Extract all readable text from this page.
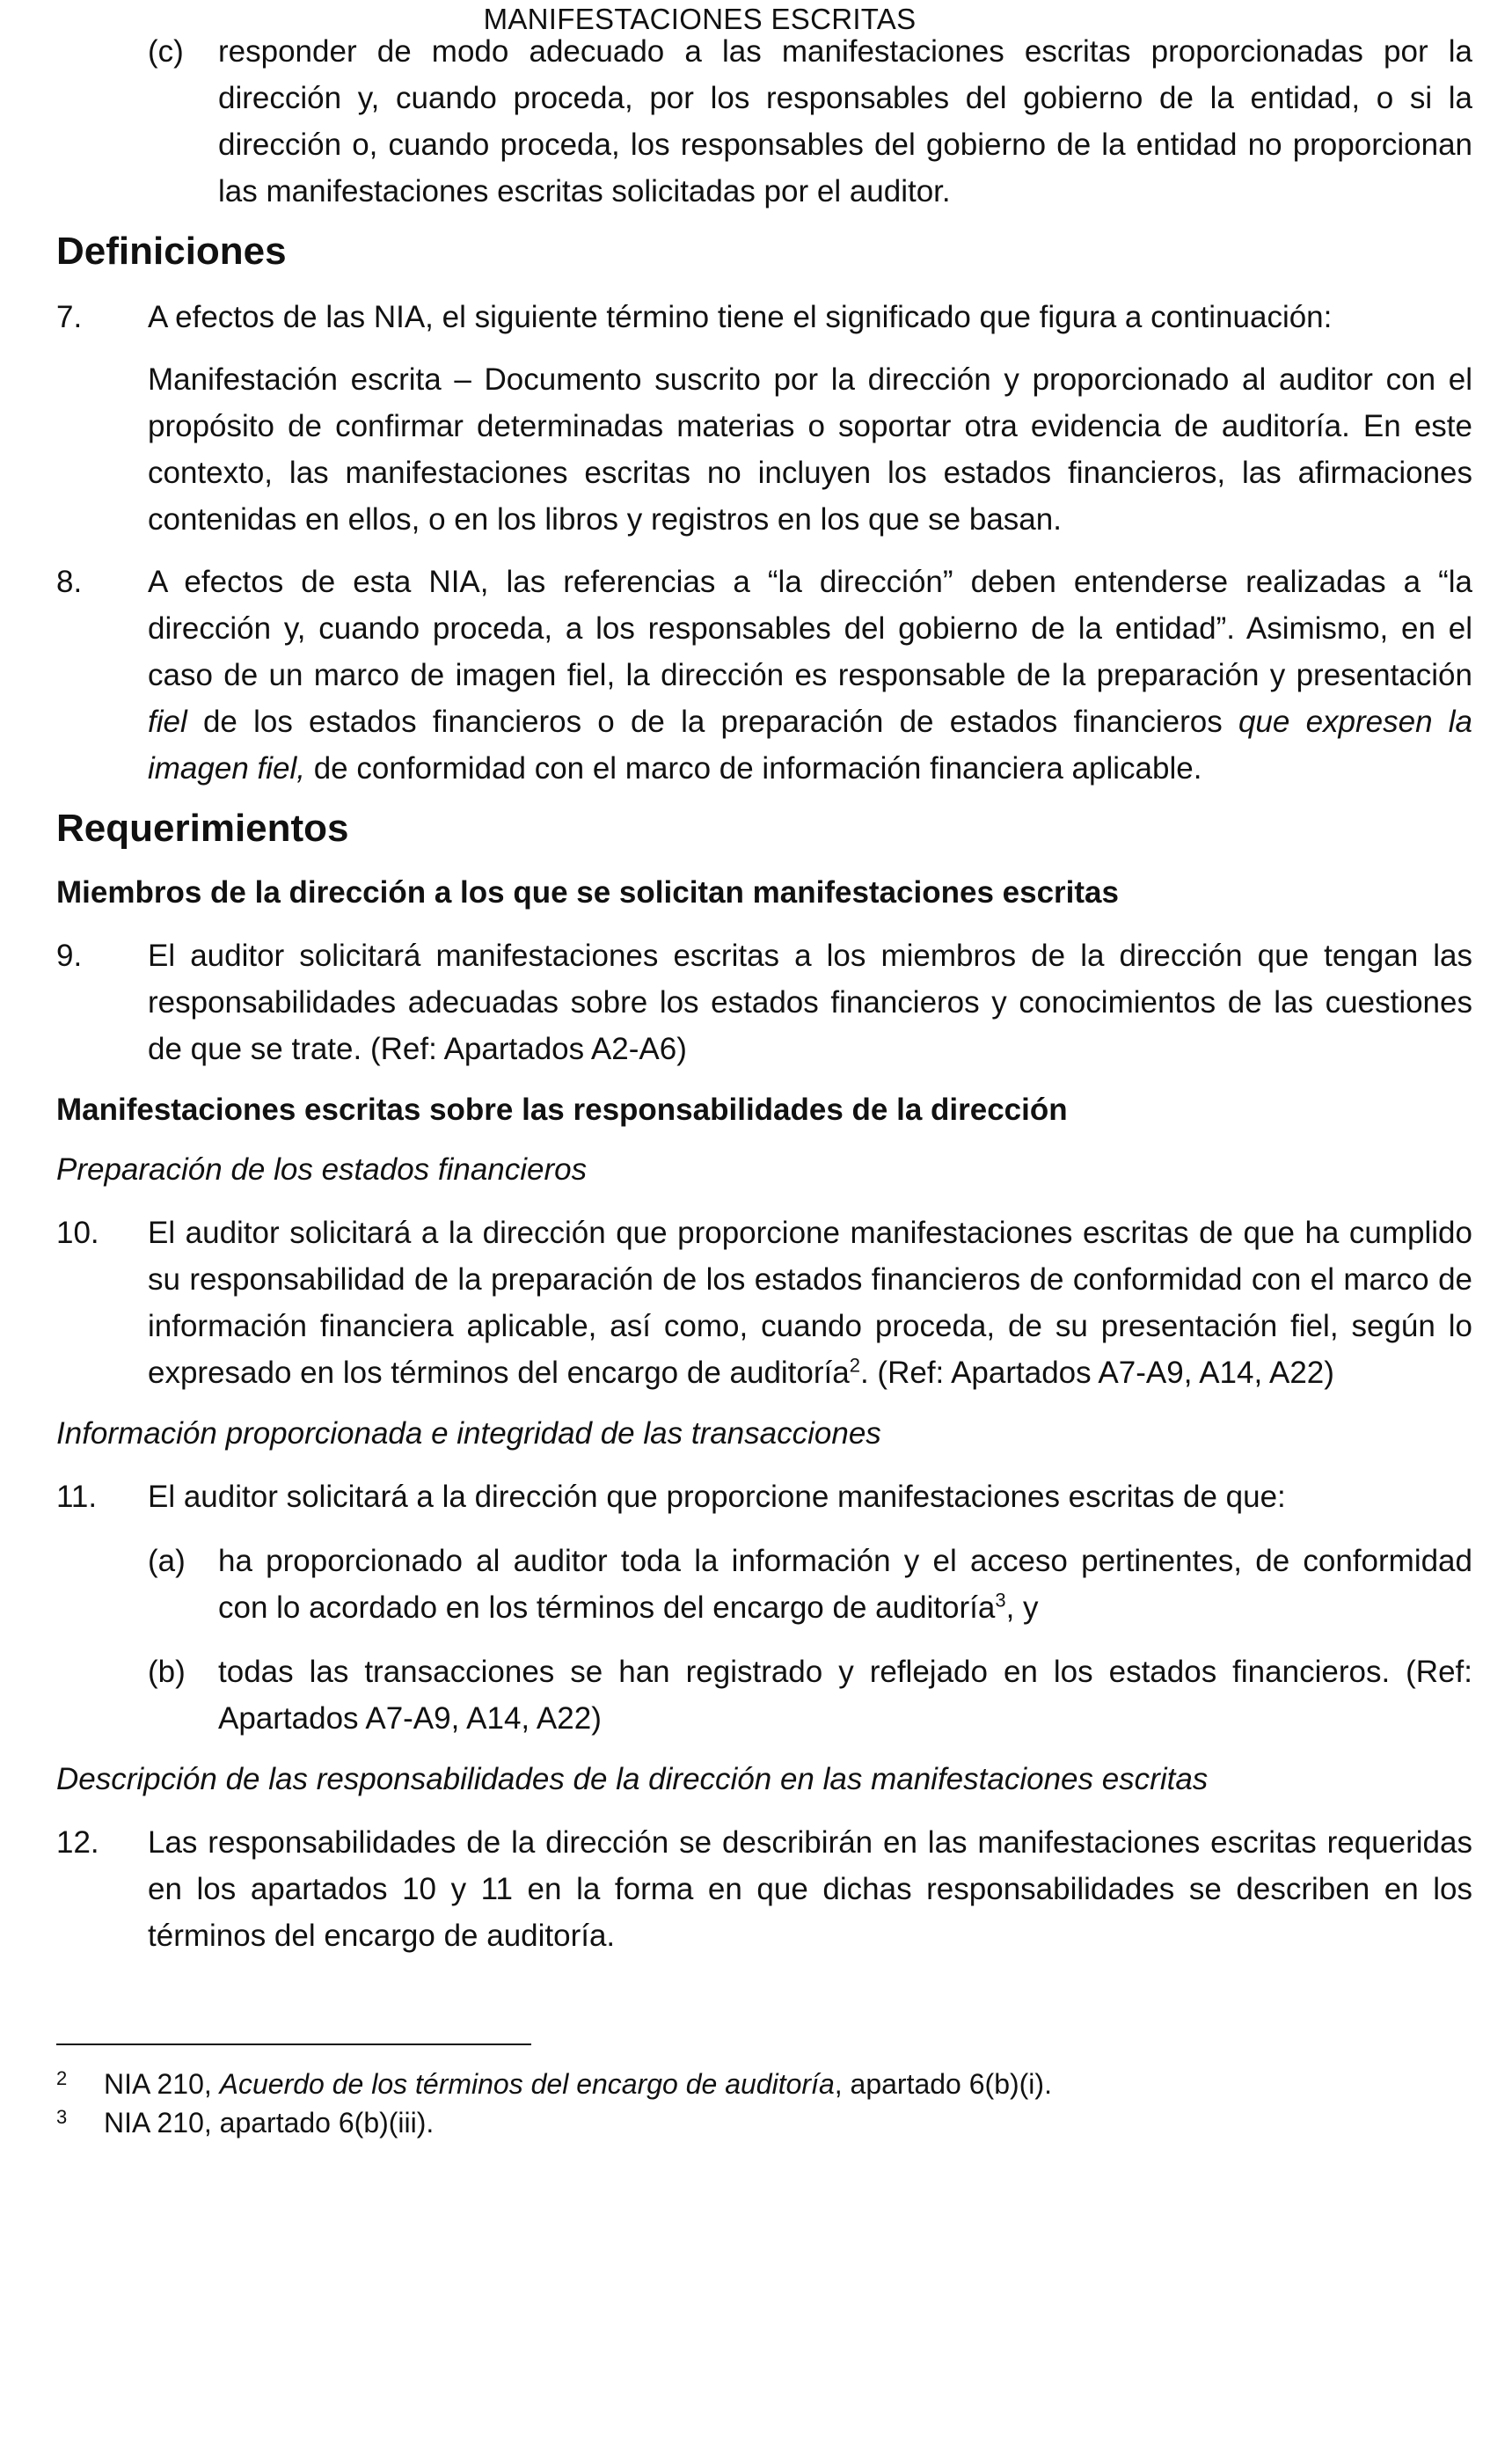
MANIFESTACIONES ESCRITAS
(c) responder de modo adecuado a las manifestaciones escritas proporcionadas por la dirección y, cuando proceda, por los responsables del gobierno de la entidad, o si la dirección o, cuando proceda, los responsables del gobierno de la entidad no proporcionan las manifestaciones escritas solicitadas por el auditor.
Definiciones
7.	A efectos de las NIA, el siguiente término tiene el significado que figura a continuación:
Manifestación escrita – Documento suscrito por la dirección y proporcionado al auditor con el propósito de confirmar determinadas materias o soportar otra evidencia de auditoría. En este contexto, las manifestaciones escritas no incluyen los estados financieros, las afirmaciones contenidas en ellos, o en los libros y registros en los que se basan.
8.	A efectos de esta NIA, las referencias a “la dirección” deben entenderse realizadas a “la dirección y, cuando proceda, a los responsables del gobierno de la entidad”. Asimismo, en el caso de un marco de imagen fiel, la dirección es responsable de la preparación y presentación fiel de los estados financieros o de la preparación de estados financieros que expresen la imagen fiel, de conformidad con el marco de información financiera aplicable.
Requerimientos
Miembros de la dirección a los que se solicitan manifestaciones escritas
9.	El auditor solicitará manifestaciones escritas a los miembros de la dirección que tengan las responsabilidades adecuadas sobre los estados financieros y conocimientos de las cuestiones de que se trate. (Ref: Apartados A2-A6)
Manifestaciones escritas sobre las responsabilidades de la dirección
Preparación de los estados financieros
10.	El auditor solicitará a la dirección que proporcione manifestaciones escritas de que ha cumplido su responsabilidad de la preparación de los estados financieros de conformidad con el marco de información financiera aplicable, así como, cuando proceda, de su presentación fiel, según lo expresado en los términos del encargo de auditoría$^2$. (Ref: Apartados A7-A9, A14, A22)
Información proporcionada e integridad de las transacciones
11.	El auditor solicitará a la dirección que proporcione manifestaciones escritas de que:
(a) ha proporcionado al auditor toda la información y el acceso pertinentes, de conformidad con lo acordado en los términos del encargo de auditoría$^3$, y
(b) todas las transacciones se han registrado y reflejado en los estados financieros. (Ref: Apartados A7-A9, A14, A22)
Descripción de las responsabilidades de la dirección en las manifestaciones escritas
12.	Las responsabilidades de la dirección se describirán en las manifestaciones escritas requeridas en los apartados 10 y 11 en la forma en que dichas responsabilidades se describen en los términos del encargo de auditoría.
2 NIA 210, Acuerdo de los términos del encargo de auditoría, apartado 6(b)(i).
3 NIA 210, apartado 6(b)(iii).
